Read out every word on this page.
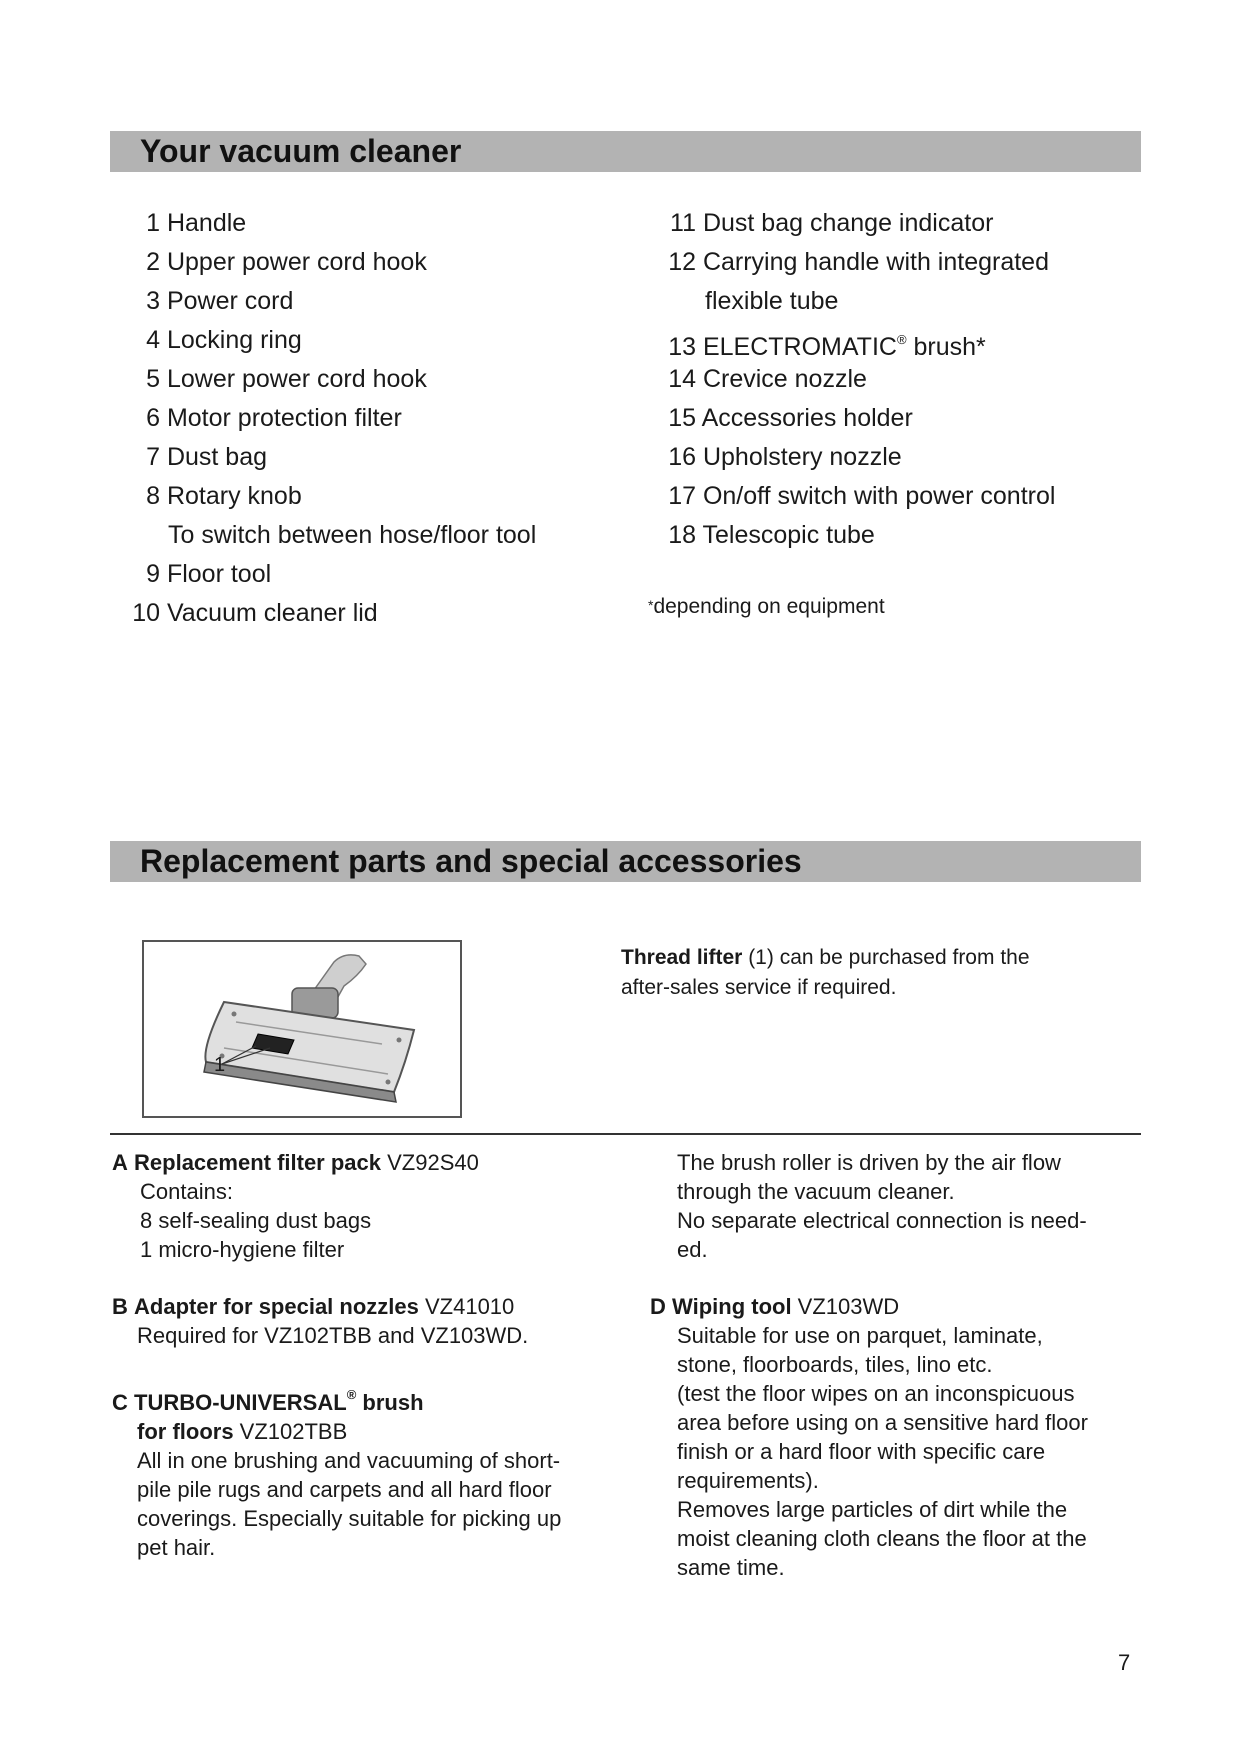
Your vacuum cleaner
1 Handle
2 Upper power cord hook
3 Power cord
4 Locking ring
5 Lower power cord hook
6 Motor protection filter
7 Dust bag
8 Rotary knob
To switch between hose/floor tool
9 Floor tool
10 Vacuum cleaner lid
11 Dust bag change indicator
12 Carrying handle with integrated
flexible tube
13 ELECTROMATIC® brush*
14 Crevice nozzle
15 Accessories holder
16 Upholstery nozzle
17 On/off switch with power control
18 Telescopic tube
*depending on equipment
Replacement parts and special accessories
1
Thread lifter (1) can be purchased from the
after-sales service if required.
A Replacement filter pack VZ92S40
Contains:
8 self-sealing dust bags
1 micro-hygiene filter
B Adapter for special nozzles VZ41010
Required for VZ102TBB and VZ103WD.
C TURBO-UNIVERSAL® brush
for floors VZ102TBB
All in one brushing and vacuuming of short-
pile pile rugs and carpets and all hard floor
coverings. Especially suitable for picking up
pet hair.
The brush roller is driven by the air flow
through the vacuum cleaner.
No separate electrical connection is need-
ed.
D Wiping tool VZ103WD
Suitable for use on parquet, laminate,
stone, floorboards, tiles, lino etc.
(test the floor wipes on an inconspicuous
area before using on a sensitive hard floor
finish or a hard floor with specific care
requirements).
Removes large particles of dirt while the
moist cleaning cloth cleans the floor at the
same time.
7
